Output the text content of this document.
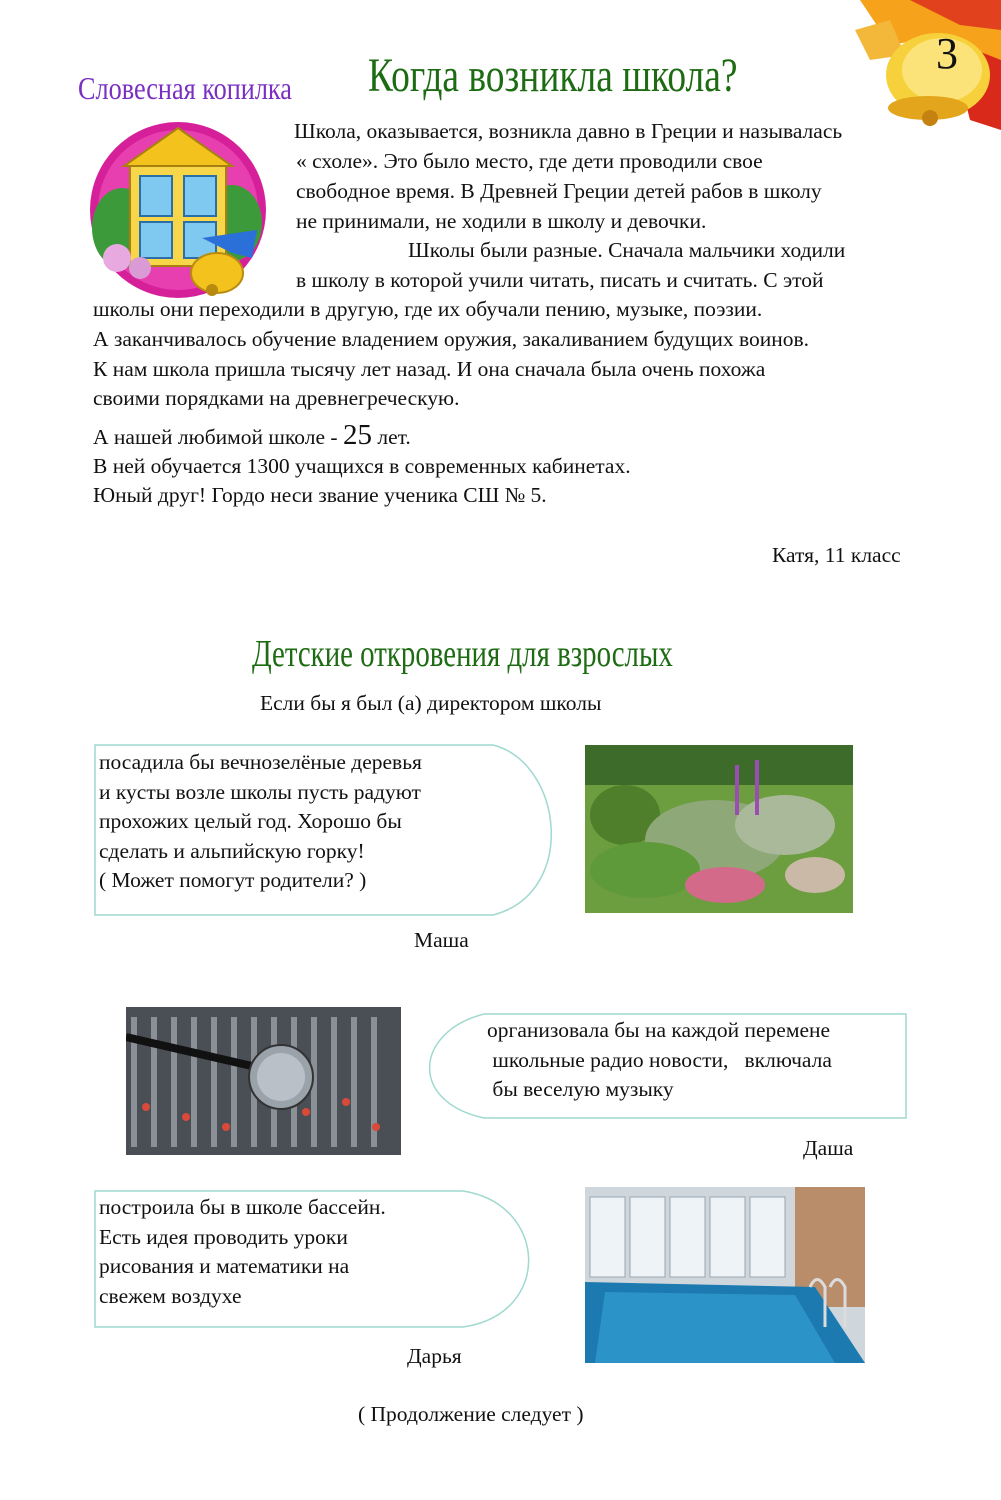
3
Словесная копилка Когда возникла школа?
Школа, оказывается, возникла давно в Греции и называлась
« схоле». Это было место, где дети проводили свое
свободное время. В Древней Греции детей рабов в школу
не принимали, не ходили в школу и девочки.
Школы были разные. Сначала мальчики ходили
в школу в которой учили читать, писать и считать. С этой
школы они переходили в другую, где их обучали пению, музыке, поэзии.
А заканчивалось обучение владением оружия, закаливанием будущих воинов.
К нам школа пришла тысячу лет назад. И она сначала была очень похожа
своими порядками на древнегреческую.
А нашей любимой школе - 25 лет.
В ней обучается 1300 учащихся в современных кабинетах.
Юный друг! Гордо неси звание ученика СШ № 5.
Катя, 11 класс
Детские откровения для взрослых
Если бы я был (а) директором школы
посадила бы вечнозелёные деревья
и кусты возле школы пусть радуют
прохожих целый год. Хорошо бы
сделать и альпийскую горку!
( Может помогут родители? )
Маша
организовала бы на каждой перемене
школьные радио новости,   включала
бы веселую музыку
Даша
построила бы в школе бассейн.
Есть идея проводить уроки
рисования и математики на
свежем воздухе
Дарья
( Продолжение следует )
